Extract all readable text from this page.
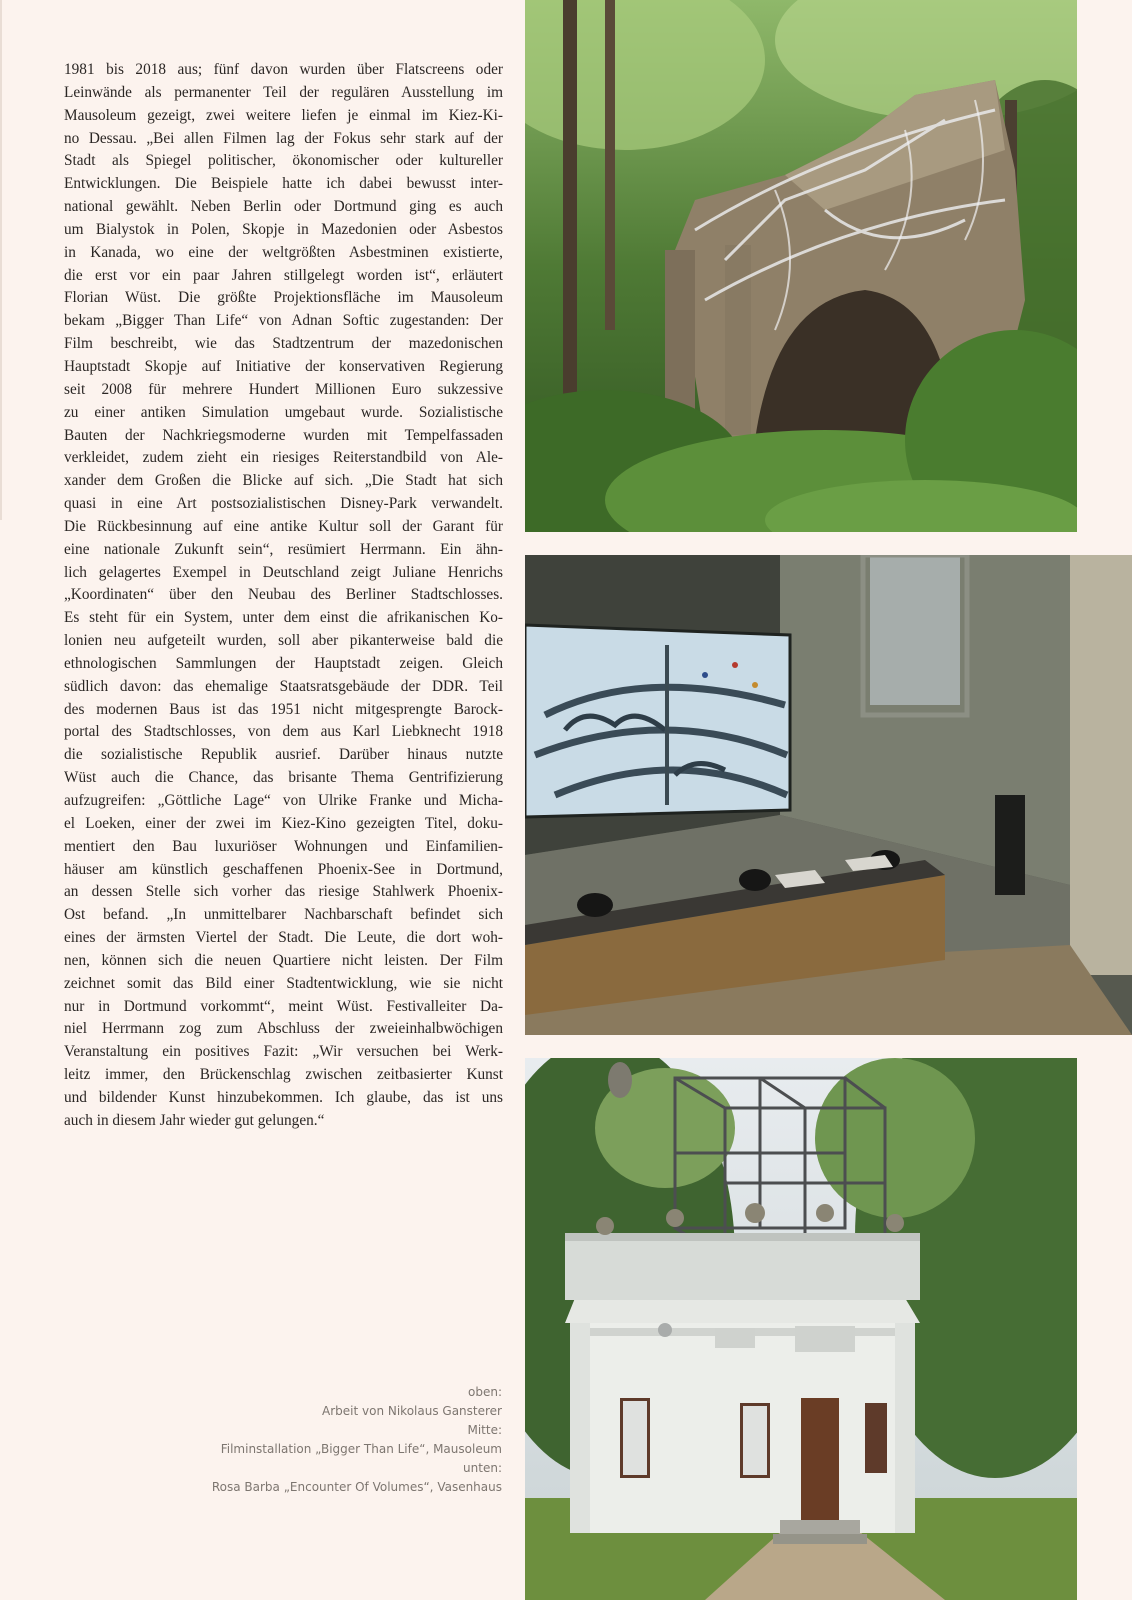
1981 bis 2018 aus; fünf davon wurden über Flatscreens oder
Leinwände als permanenter Teil der regulären Ausstellung im
Mausoleum gezeigt, zwei weitere liefen je einmal im Kiez-Ki-
no Dessau. „Bei allen Filmen lag der Fokus sehr stark auf der
Stadt als Spiegel politischer, ökonomischer oder kultureller
Entwicklungen. Die Beispiele hatte ich dabei bewusst inter-
national gewählt. Neben Berlin oder Dortmund ging es auch
um Bialystok in Polen, Skopje in Mazedonien oder Asbestos
in Kanada, wo eine der weltgrößten Asbestminen existierte,
die erst vor ein paar Jahren stillgelegt worden ist“, erläutert
Florian Wüst. Die größte Projektionsfläche im Mausoleum
bekam „Bigger Than Life“ von Adnan Softic zugestanden: Der
Film beschreibt, wie das Stadtzentrum der mazedonischen
Hauptstadt Skopje auf Initiative der konservativen Regierung
seit 2008 für mehrere Hundert Millionen Euro sukzessive
zu einer antiken Simulation umgebaut wurde. Sozialistische
Bauten der Nachkriegsmoderne wurden mit Tempelfassaden
verkleidet, zudem zieht ein riesiges Reiterstandbild von Ale-
xander dem Großen die Blicke auf sich. „Die Stadt hat sich
quasi in eine Art postsozialistischen Disney-Park verwandelt.
Die Rückbesinnung auf eine antike Kultur soll der Garant für
eine nationale Zukunft sein“, resümiert Herrmann. Ein ähn-
lich gelagertes Exempel in Deutschland zeigt Juliane Henrichs
„Koordinaten“ über den Neubau des Berliner Stadtschlosses.
Es steht für ein System, unter dem einst die afrikanischen Ko-
lonien neu aufgeteilt wurden, soll aber pikanterweise bald die
ethnologischen Sammlungen der Hauptstadt zeigen. Gleich
südlich davon: das ehemalige Staatsratsgebäude der DDR. Teil
des modernen Baus ist das 1951 nicht mitgesprengte Barock-
portal des Stadtschlosses, von dem aus Karl Liebknecht 1918
die sozialistische Republik ausrief. Darüber hinaus nutzte
Wüst auch die Chance, das brisante Thema Gentrifizierung
aufzugreifen: „Göttliche Lage“ von Ulrike Franke und Micha-
el Loeken, einer der zwei im Kiez-Kino gezeigten Titel, doku-
mentiert den Bau luxuriöser Wohnungen und Einfamilien-
häuser am künstlich geschaffenen Phoenix-See in Dortmund,
an dessen Stelle sich vorher das riesige Stahlwerk Phoenix-
Ost befand. „In unmittelbarer Nachbarschaft befindet sich
eines der ärmsten Viertel der Stadt. Die Leute, die dort woh-
nen, können sich die neuen Quartiere nicht leisten. Der Film
zeichnet somit das Bild einer Stadtentwicklung, wie sie nicht
nur in Dortmund vorkommt“, meint Wüst. Festivalleiter Da-
niel Herrmann zog zum Abschluss der zweieinhalbwöchigen
Veranstaltung ein positives Fazit: „Wir versuchen bei Werk-
leitz immer, den Brückenschlag zwischen zeitbasierter Kunst
und bildender Kunst hinzubekommen. Ich glaube, das ist uns
auch in diesem Jahr wieder gut gelungen.“
oben:
Arbeit von Nikolaus Gansterer
Mitte:
Filminstallation „Bigger Than Life“, Mausoleum
unten:
Rosa Barba „Encounter Of Volumes“, Vasenhaus
